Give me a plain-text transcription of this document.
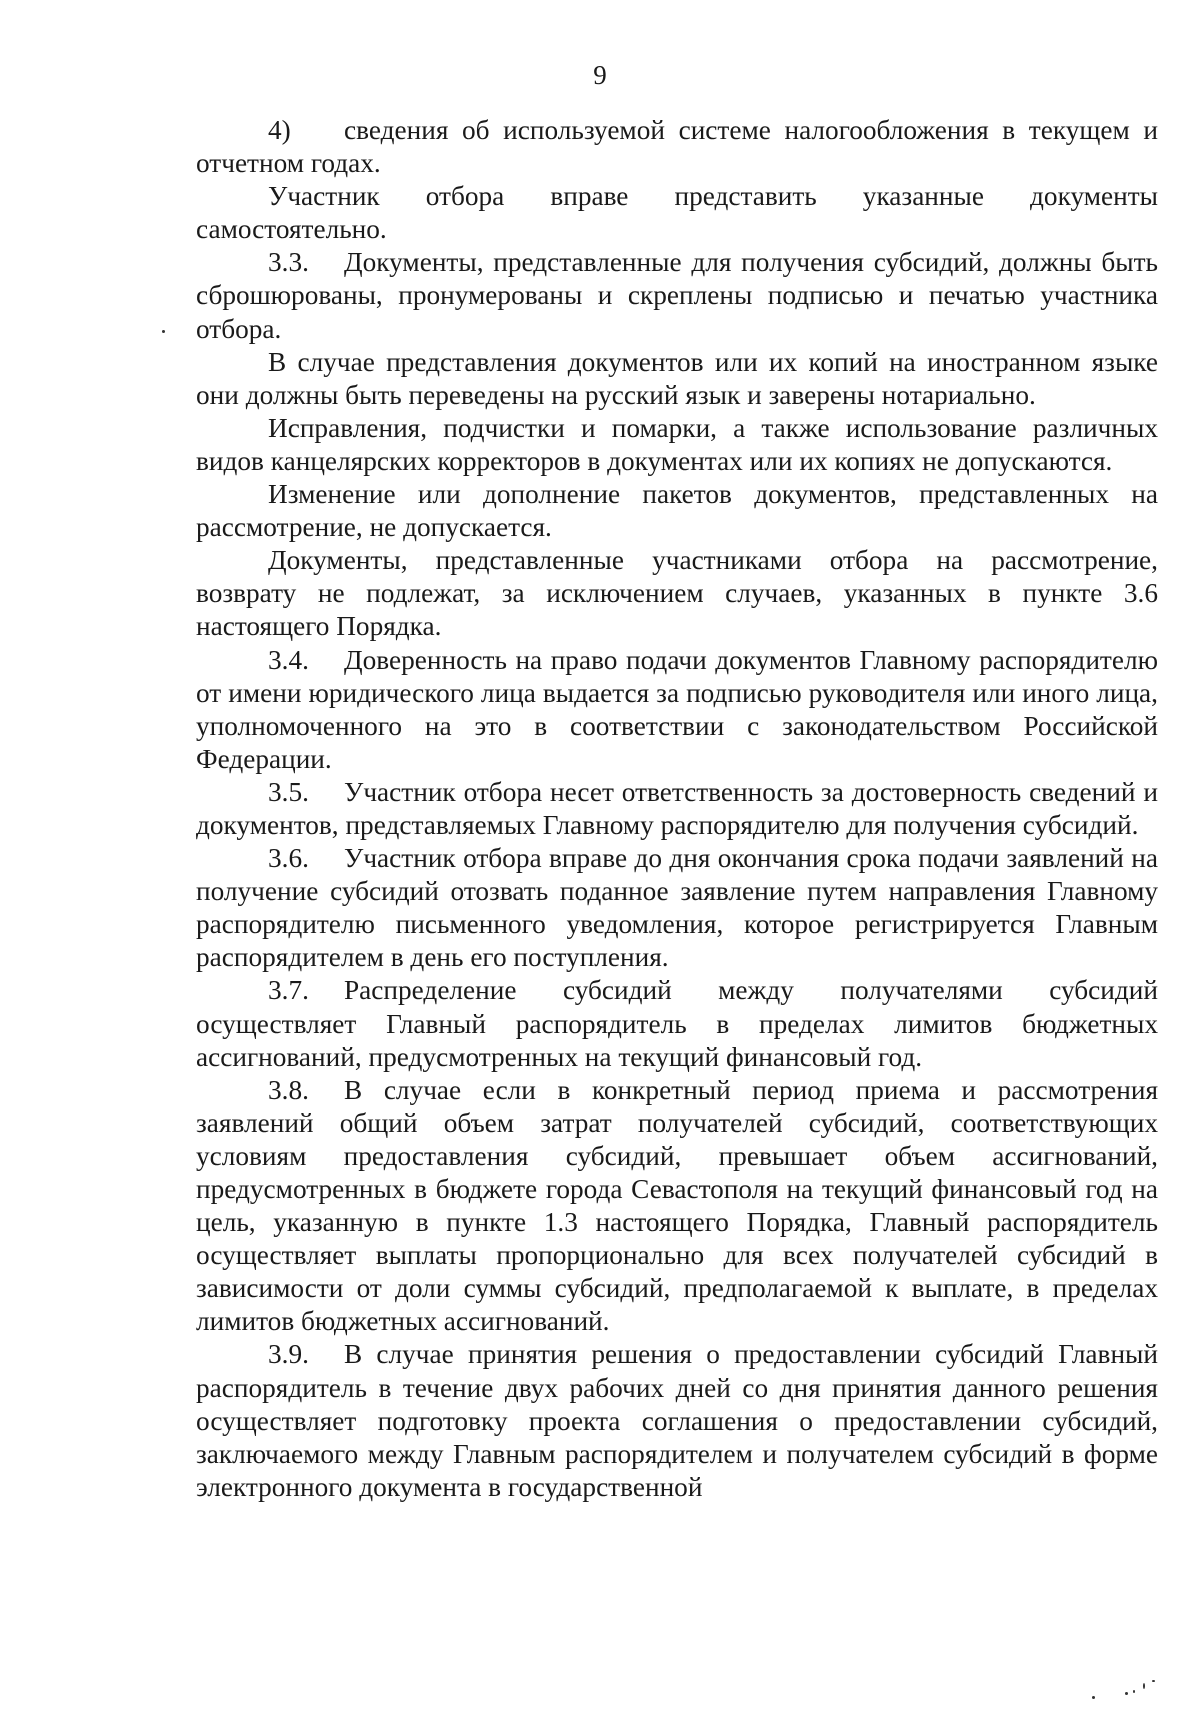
9

4) сведения об используемой системе налогообложения в текущем и отчетном годах.

Участник отбора вправе представить указанные документы самостоятельно.

3.3. Документы, представленные для получения субсидий, должны быть сброшюрованы, пронумерованы и скреплены подписью и печатью участника отбора.

В случае представления документов или их копий на иностранном языке они должны быть переведены на русский язык и заверены нотариально.

Исправления, подчистки и помарки, а также использование различных видов канцелярских корректоров в документах или их копиях не допускаются.

Изменение или дополнение пакетов документов, представленных на рассмотрение, не допускается.

Документы, представленные участниками отбора на рассмотрение, возврату не подлежат, за исключением случаев, указанных в пункте 3.6 настоящего Порядка.

3.4. Доверенность на право подачи документов Главному распорядителю от имени юридического лица выдается за подписью руководителя или иного лица, уполномоченного на это в соответствии с законодательством Российской Федерации.

3.5. Участник отбора несет ответственность за достоверность сведений и документов, представляемых Главному распорядителю для получения субсидий.

3.6. Участник отбора вправе до дня окончания срока подачи заявлений на получение субсидий отозвать поданное заявление путем направления Главному распорядителю письменного уведомления, которое регистрируется Главным распорядителем в день его поступления.

3.7. Распределение субсидий между получателями субсидий осуществляет Главный распорядитель в пределах лимитов бюджетных ассигнований, предусмотренных на текущий финансовый год.

3.8. В случае если в конкретный период приема и рассмотрения заявлений общий объем затрат получателей субсидий, соответствующих условиям предоставления субсидий, превышает объем ассигнований, предусмотренных в бюджете города Севастополя на текущий финансовый год на цель, указанную в пункте 1.3 настоящего Порядка, Главный распорядитель осуществляет выплаты пропорционально для всех получателей субсидий в зависимости от доли суммы субсидий, предполагаемой к выплате, в пределах лимитов бюджетных ассигнований.

3.9. В случае принятия решения о предоставлении субсидий Главный распорядитель в течение двух рабочих дней со дня принятия данного решения осуществляет подготовку проекта соглашения о предоставлении субсидий, заключаемого между Главным распорядителем и получателем субсидий в форме электронного документа в государственной
